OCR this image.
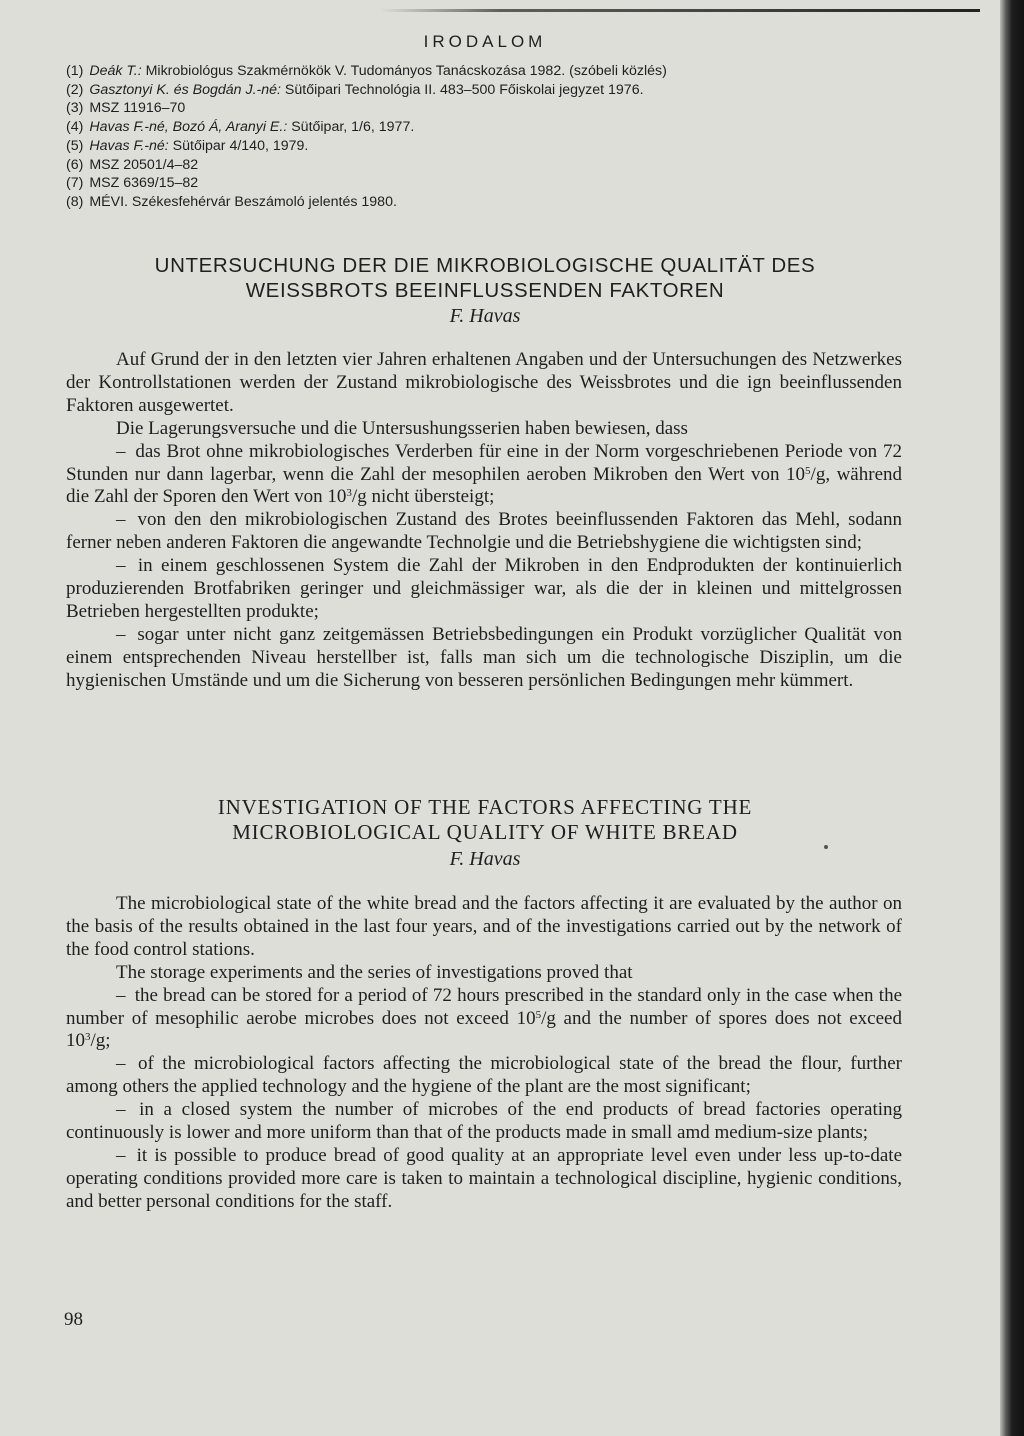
IRODALOM
(1) Deák T.: Mikrobiológus Szakmérnökök V. Tudományos Tanácskozása 1982. (szóbeli közlés)
(2) Gasztonyi K. és Bogdán J.-né: Sütőipari Technológia II. 483–500 Főiskolai jegyzet 1976.
(3) MSZ 11916–70
(4) Havas F.-né, Bozó Á, Aranyi E.: Sütőipar, 1/6, 1977.
(5) Havas F.-né: Sütőipar 4/140, 1979.
(6) MSZ 20501/4–82
(7) MSZ 6369/15–82
(8) MÉVI. Székesfehérvár Beszámoló jelentés 1980.
UNTERSUCHUNG DER DIE MIKROBIOLOGISCHE QUALITÄT DES
WEISSBROTS BEEINFLUSSENDEN FAKTOREN
F. Havas

Auf Grund der in den letzten vier Jahren erhaltenen Angaben und der Untersuchungen des Netzwerkes der Kontrollstationen werden der Zustand mikrobiologische des Weissbrotes und die ign beeinflussenden Faktoren ausgewertet.

Die Lagerungsversuche und die Untersushungsserien haben bewiesen, dass

– das Brot ohne mikrobiologisches Verderben für eine in der Norm vorgeschriebenen Periode von 72 Stunden nur dann lagerbar, wenn die Zahl der mesophilen aeroben Mikroben den Wert von $10^5/g$, während die Zahl der Sporen den Wert von $10^3/g$ nicht übersteigt;

– von den den mikrobiologischen Zustand des Brotes beeinflussenden Faktoren das Mehl, sodann ferner neben anderen Faktoren die angewandte Technolgie und die Betriebshygiene die wichtigsten sind;

– in einem geschlossenen System die Zahl der Mikroben in den Endprodukten der kontinuierlich produzierenden Brotfabriken geringer und gleichmässiger war, als die der in kleinen und mittelgrossen Betrieben hergestellten produkte;

– sogar unter nicht ganz zeitgemässen Betriebsbedingungen ein Produkt vorzüglicher Qualität von einem entsprechenden Niveau herstellber ist, falls man sich um die technologische Disziplin, um die hygienischen Umstände und um die Sicherung von besseren persönlichen Bedingungen mehr kümmert.

INVESTIGATION OF THE FACTORS AFFECTING THE
MICROBIOLOGICAL QUALITY OF WHITE BREAD
F. Havas

The microbiological state of the white bread and the factors affecting it are evaluated by the author on the basis of the results obtained in the last four years, and of the investigations carried out by the network of the food control stations.

The storage experiments and the series of investigations proved that

– the bread can be stored for a period of 72 hours prescribed in the standard only in the case when the number of mesophilic aerobe microbes does not exceed $10^5/g$ and the number of spores does not exceed $10^3/g$;

– of the microbiological factors affecting the microbiological state of the bread the flour, further among others the applied technology and the hygiene of the plant are the most significant;

– in a closed system the number of microbes of the end products of bread factories operating continuously is lower and more uniform than that of the products made in small amd medium-size plants;

– it is possible to produce bread of good quality at an appropriate level even under less up-to-date operating conditions provided more care is taken to maintain a technological discipline, hygienic conditions, and better personal conditions for the staff.

98
